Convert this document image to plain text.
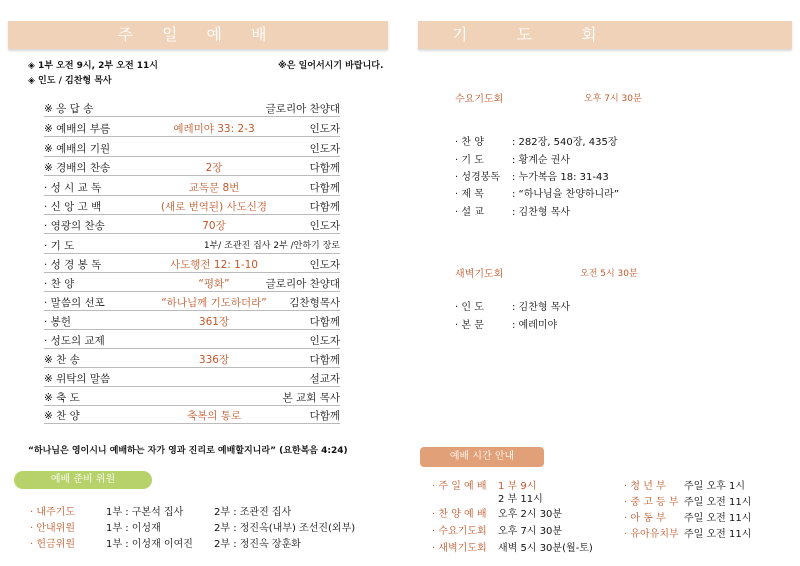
주 일 예 배
◈ 1부 오전 9시, 2부 오전 11시
◈ 인도 / 김찬형 목사
※은 일어서시기 바랍니다.
※ 응 답 송	글로리아 찬양대
※ 예배의 부름	예레미야 33: 2-3	인도자
※ 예배의 기원	인도자
※ 경배의 찬송	2장	다함께
· 성 시 교 독	교독문 8번	다함께
· 신 앙 고 백	(새로 번역된) 사도신경	다함께
· 영광의 찬송	70장	인도자
· 기 도	1부/ 조관진 집사 2부 /안하기 장로
· 성 경 봉 독	사도행전 12: 1-10	인도자
· 찬 양	“평화”	글로리아 찬양대
· 말씀의 선포	“하나님께 기도하더라”	김찬형목사
· 봉헌	361장	다함께
· 성도의 교제	인도자
※ 찬 송	336장	다함께
※ 위탁의 말씀	설교자
※ 축 도	본 교회 목사
※ 찬 양	축복의 통로	다함께
“하나님은 영이시니 예배하는 자가 영과 진리로 예배할지니라” (요한복음 4:24)
예배 준비 위원
· 내주기도	1부 : 구본석 집사	2부 : 조관진 집사
· 안내위원	1부 : 이성재	2부 : 정진옥(내부) 조선진(외부)
· 헌금위원	1부 : 이성재 이여진 2부 : 정진옥 장훈화
기 도 회
수요기도회	오후 7시 30분
· 찬 양	: 282장, 540장, 435장
· 기 도	: 황계순 권사
· 성경봉독 : 누가복음 18: 31-43
· 제 목	: “하나님을 찬양하니라”
· 설 교	: 김찬형 목사
새벽기도회	오전 5시 30분
· 인 도	: 김찬형 목사
· 본 문	: 예레미야
예배 시간 안내
· 주 일 예 배 1 부 9시
2 부 11시
· 찬 양 예 배 오후 2시 30분
· 수요기도회 오후 7시 30분
· 새벽기도회 새벽 5시 30분(월-토)
· 청 년 부 주일 오후 1시
· 중 고 등 부 주일 오전 11시
· 아 동 부 주일 오전 11시
· 유아유치부 주일 오전 11시
